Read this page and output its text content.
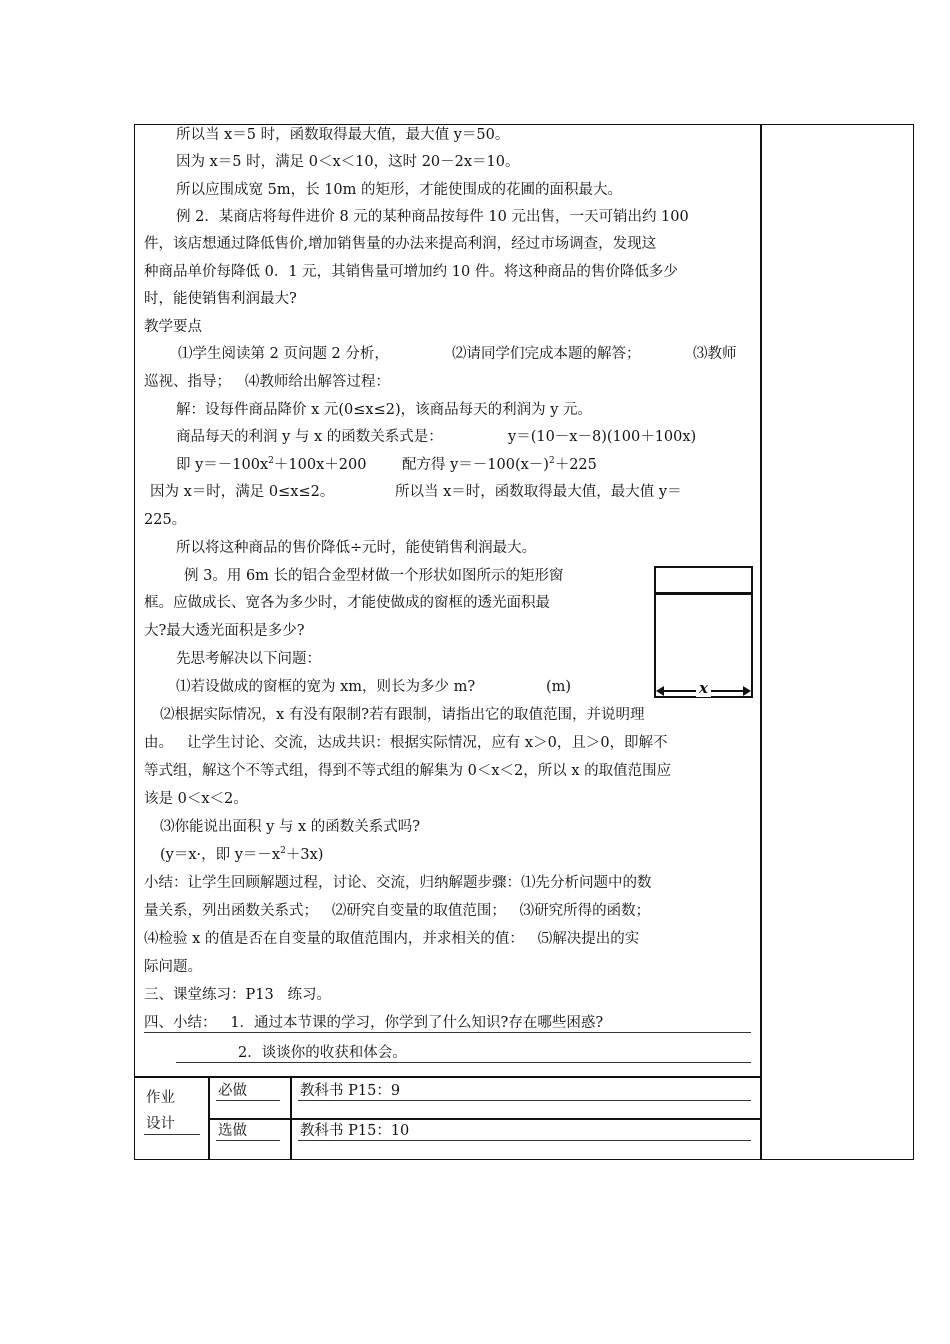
所以当 x＝5 时，函数取得最大值，最大值 y＝50。
因为 x＝5 时，满足 0＜x＜10，这时 20－2x＝10。
所以应围成宽 5m，长 10m 的矩形，才能使围成的花圃的面积最大。
例 2．某商店将每件进价 8 元的某种商品按每件 10 元出售，一天可销出约 100
件，该店想通过降低售价,增加销售量的办法来提高利润，经过市场调查，发现这
种商品单价每降低 0．1 元，其销售量可增加约 10 件。将这种商品的售价降低多少
时，能使销售利润最大?
教学要点
⑴学生阅读第 2 页问题 2 分析，	⑵请同学们完成本题的解答；	⑶教师
巡视、指导；   ⑷教师给出解答过程：
解：设每件商品降价 x 元(0≤x≤2)，该商品每天的利润为 y 元。
商品每天的利润 y 与 x 的函数关系式是：	y＝(10－x－8)(100＋100x)
即 $y=-100x^2+100x+200$ 配方得 $y=-100(x-)^2+225$
因为 x＝时，满足 0≤x≤2。	所以当 x＝时，函数取得最大值，最大值 y＝
225。
所以将这种商品的售价降低÷元时，能使销售利润最大。
例 3。用 6m 长的铝合金型材做一个形状如图所示的矩形窗
框。应做成长、宽各为多少时，才能使做成的窗框的透光面积最
大?最大透光面积是多少?
先思考解决以下问题：
⑴若设做成的窗框的宽为 xm，则长为多少 m?	(m)	x
⑵根据实际情况，x 有没有限制?若有跟制，请指出它的取值范围，并说明理
由。   让学生讨论、交流，达成共识：根据实际情况，应有 x＞0，且＞0，即解不
等式组，解这个不等式组，得到不等式组的解集为 0＜x＜2，所以 x 的取值范围应
该是 0＜x＜2。
⑶你能说出面积 y 与 x 的函数关系式吗?
(y＝x·，即 $y=-x^2+3x$)
小结：让学生回顾解题过程，讨论、交流，归纳解题步骤：⑴先分析问题中的数
量关系，列出函数关系式；   ⑵研究自变量的取值范围；   ⑶研究所得的函数；
⑷检验 x 的值是否在自变量的取值范围内，并求相关的值：   ⑸解决提出的实
际问题。
三、课堂练习：P13   练习。
四、小结：   1．通过本节课的学习，你学到了什么知识?存在哪些困惑?
2．谈谈你的收获和体会。
作业
设计
必做	教科书 P15：9
选做	教科书 P15：10
